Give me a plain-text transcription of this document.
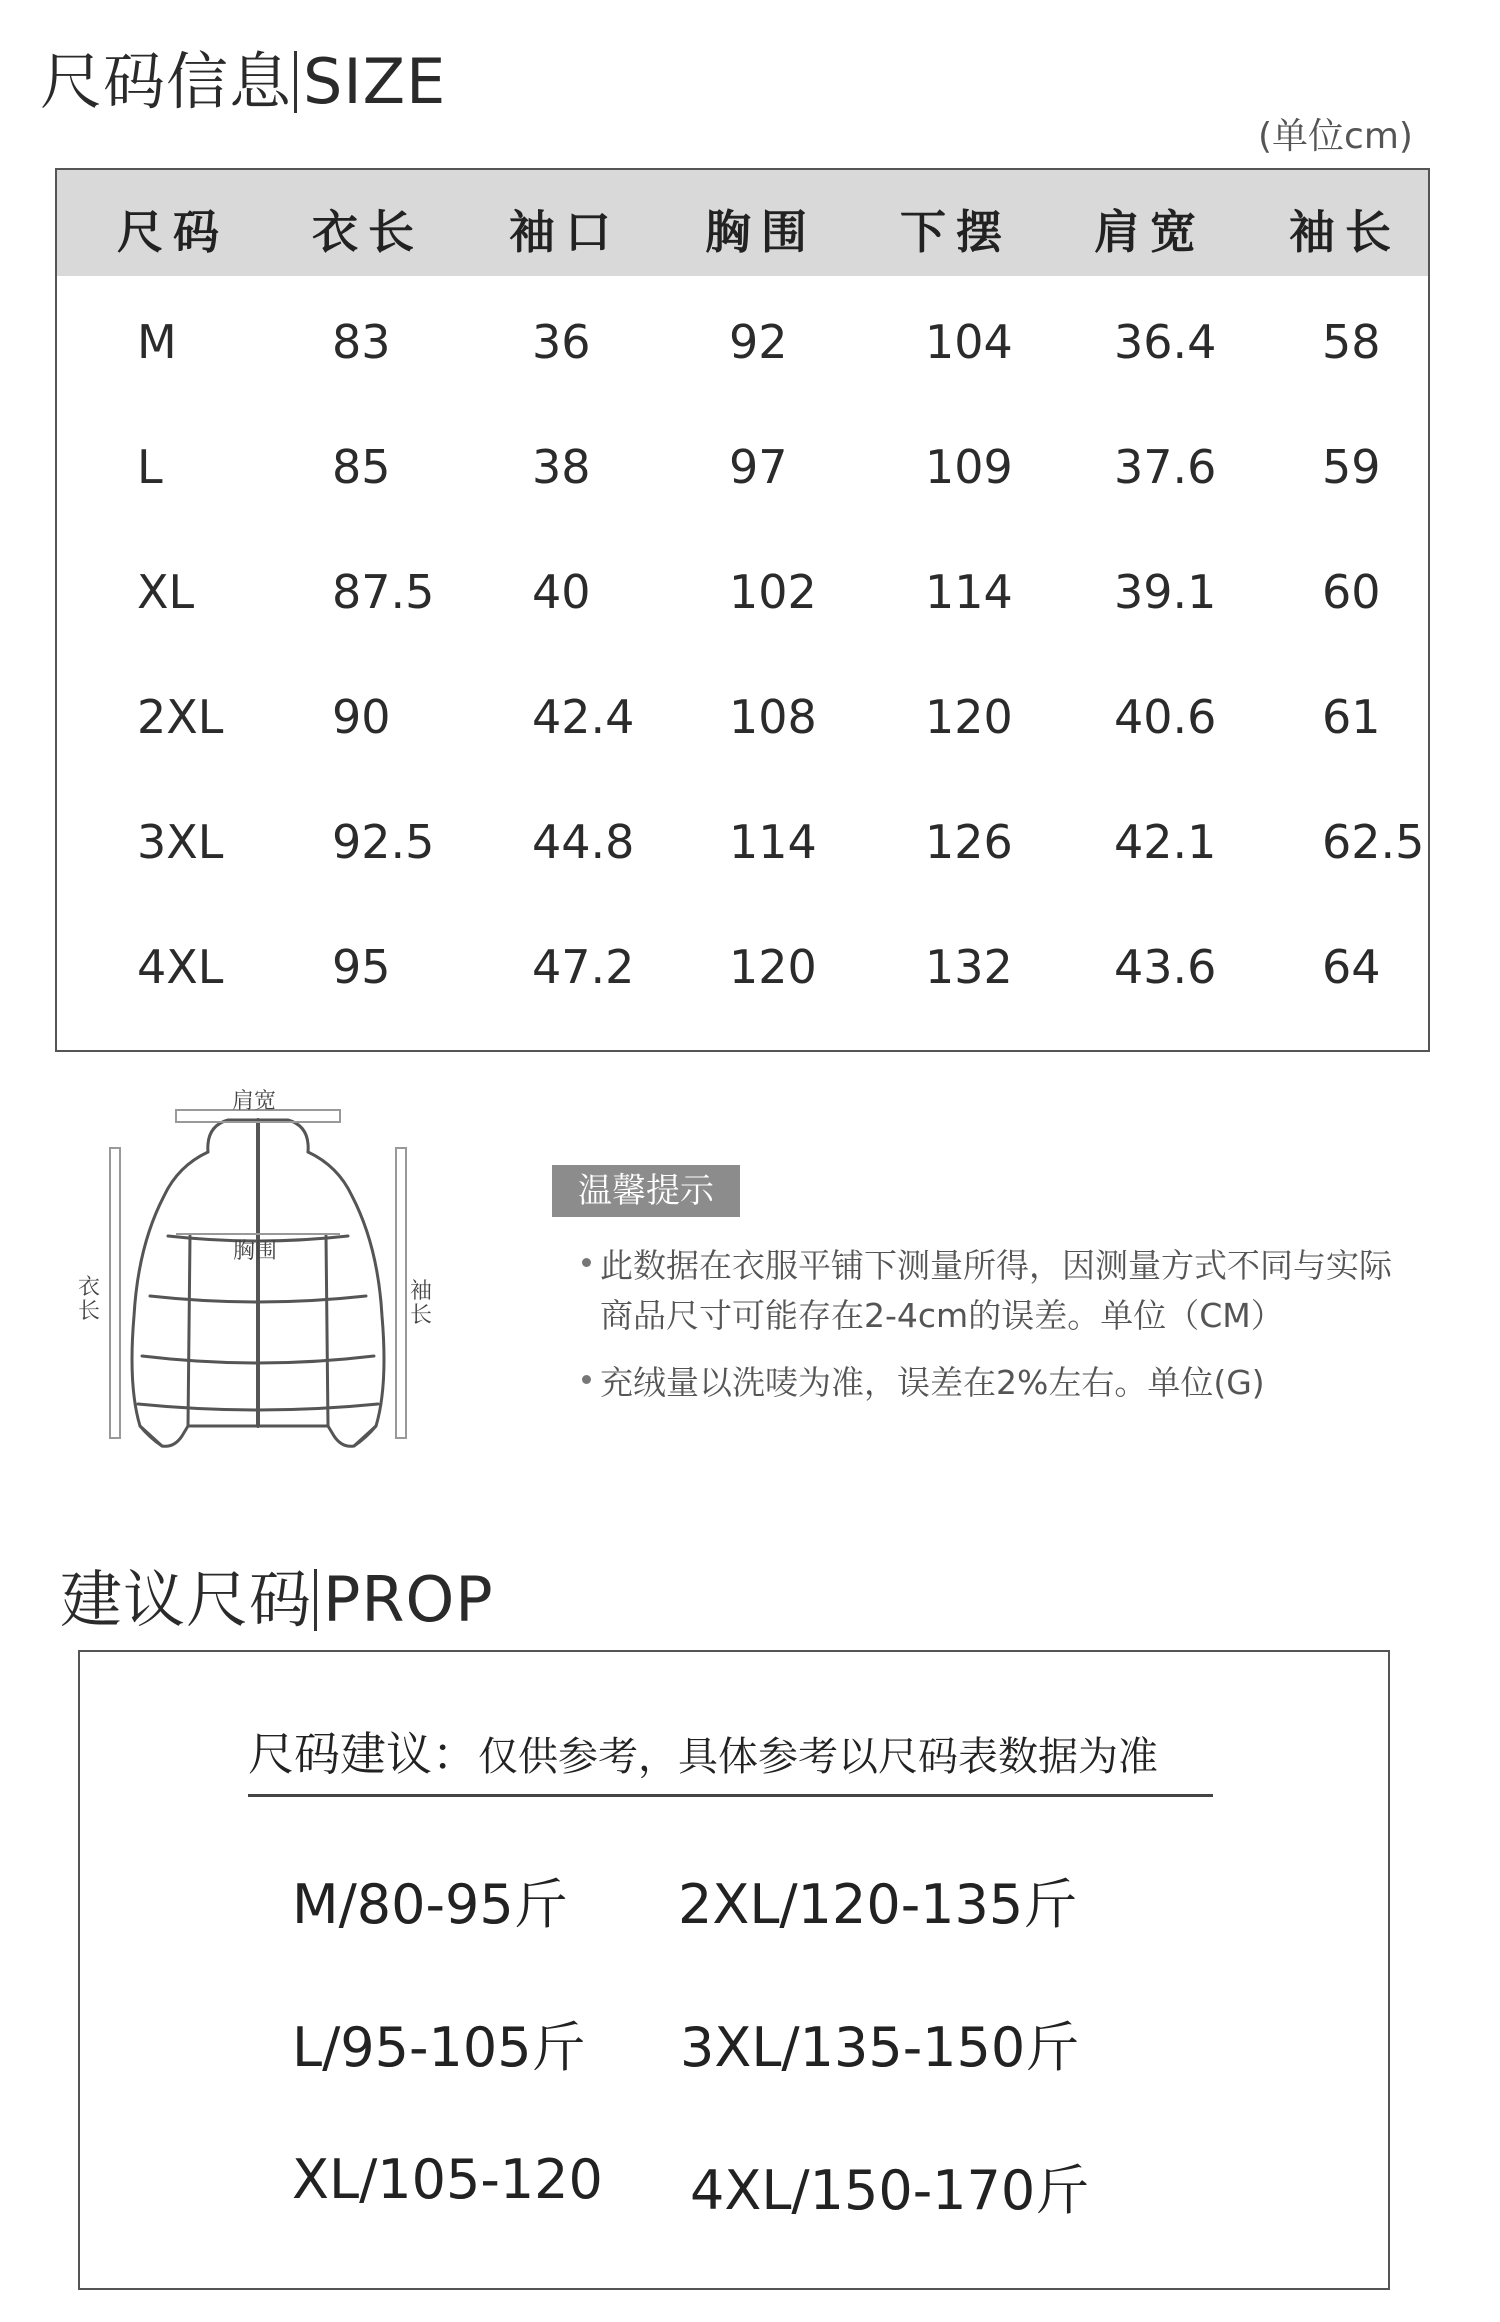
尺码信息 SIZE
(单位cm)
尺码 衣长 袖口 胸围 下摆 肩宽 袖长
M	83	36	92	104 36.4 58
L	85	38	97	109 37.6 59
XL	87.5 40	102 114 39.1 60
2XL 90	42.4 108 120 40.6 61
3XL 92.5 44.8 114 126 42.1 62.5
4XL 95	47.2 120 132 43.6 64
肩宽
胸围
衣长
袖长
温馨提示
此数据在衣服平铺下测量所得，因测量方式不同与实际
商品尺寸可能存在2-4cm的误差。单位（CM）
充绒量以洗唛为准，误差在2%左右。单位(G)
建议尺码 PROP
尺码建议：仅供参考，具体参考以尺码表数据为准
M/80-95斤 2XL/120-135斤
L/95-105斤 3XL/135-150斤
XL/105-120 4XL/150-170斤
